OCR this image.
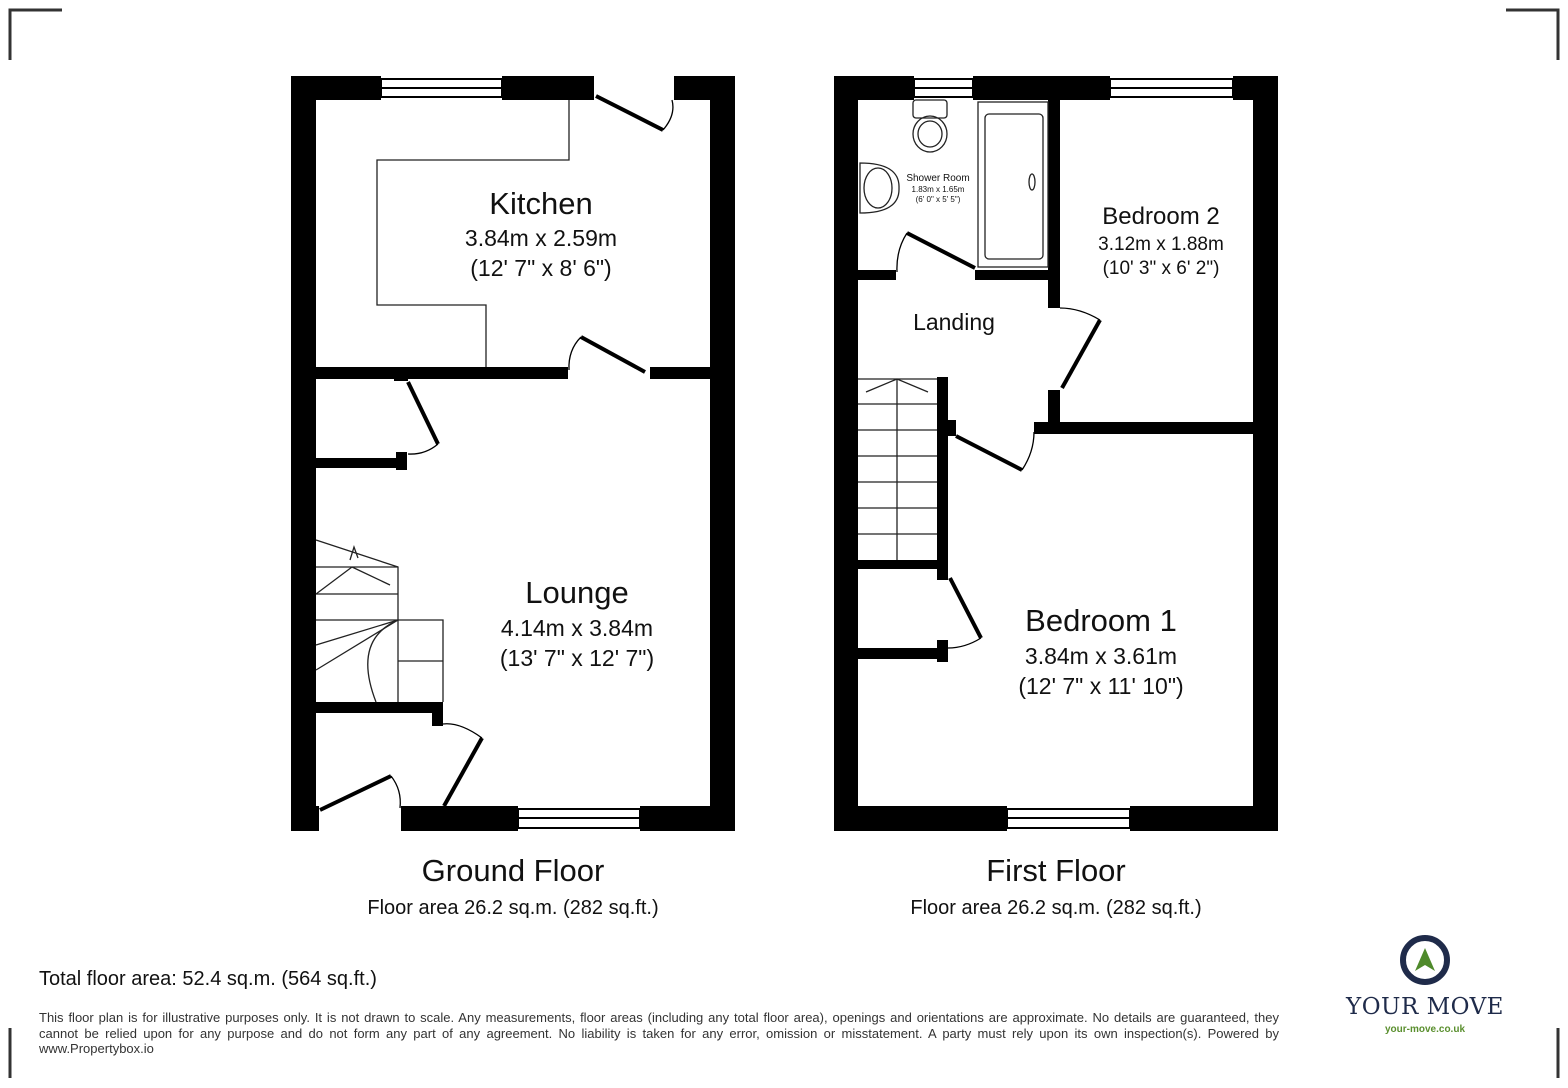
Kitchen
3.84m x 2.59m
(12' 7" x 8' 6")
Lounge
4.14m x 3.84m
(13' 7" x 12' 7")
Shower Room
1.83m x 1.65m
(6' 0" x 5' 5")
Bedroom 2
3.12m x 1.88m
(10' 3" x 6' 2")
Landing
Bedroom 1
3.84m x 3.61m
(12' 7" x 11' 10")
Ground Floor
Floor area 26.2 sq.m. (282 sq.ft.)
First Floor
Floor area 26.2 sq.m. (282 sq.ft.)
Total floor area: 52.4 sq.m. (564 sq.ft.)
This floor plan is for illustrative purposes only. It is not drawn to scale. Any measurements, floor areas (including any total floor area), openings and orientations are approximate. No details are guaranteed, they cannot be relied upon for any purpose and do not form any part of any agreement. No liability is taken for any error, omission or misstatement. A party must rely upon its own inspection(s). Powered by www.Propertybox.io
YOUR MOVE
your-move.co.uk
